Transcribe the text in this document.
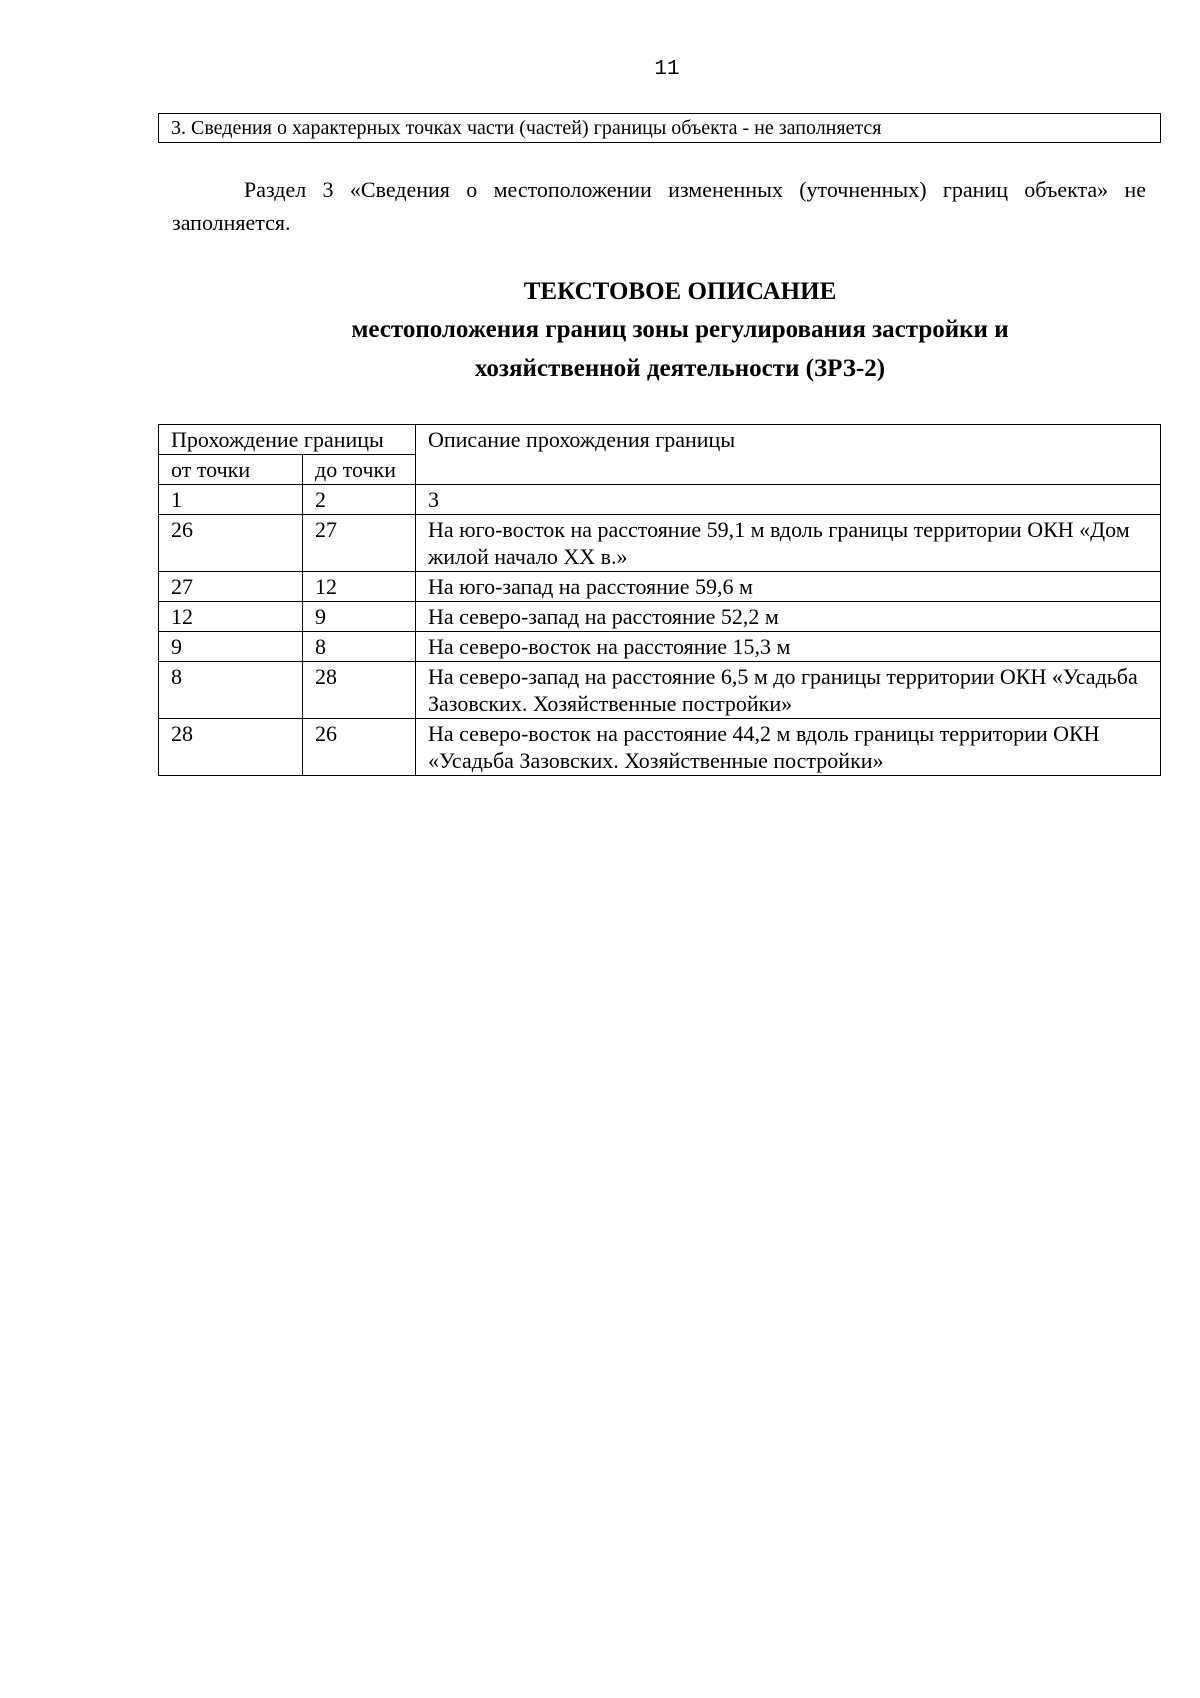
11
3. Сведения о характерных точках части (частей) границы объекта - не заполняется
Раздел 3 «Сведения о местоположении измененных (уточненных) границ объекта» не заполняется.
ТЕКСТОВОЕ ОПИСАНИЕ
местоположения границ зоны регулирования застройки и
хозяйственной деятельности (ЗРЗ-2)
Прохождение границы		Описание прохождения границы
от точки	до точки	
1	2	3
26	27	На юго-восток на расстояние 59,1 м вдоль границы территории ОКН «Дом жилой начало XX в.»
27	12	На юго-запад на расстояние 59,6 м
12	9	На северо-запад на расстояние 52,2 м
9	8	На северо-восток на расстояние 15,3 м
8	28	На северо-запад на расстояние 6,5 м до границы территории ОКН «Усадьба Зазовских. Хозяйственные постройки»
28	26	На северо-восток на расстояние 44,2 м вдоль границы территории ОКН «Усадьба Зазовских. Хозяйственные постройки»
